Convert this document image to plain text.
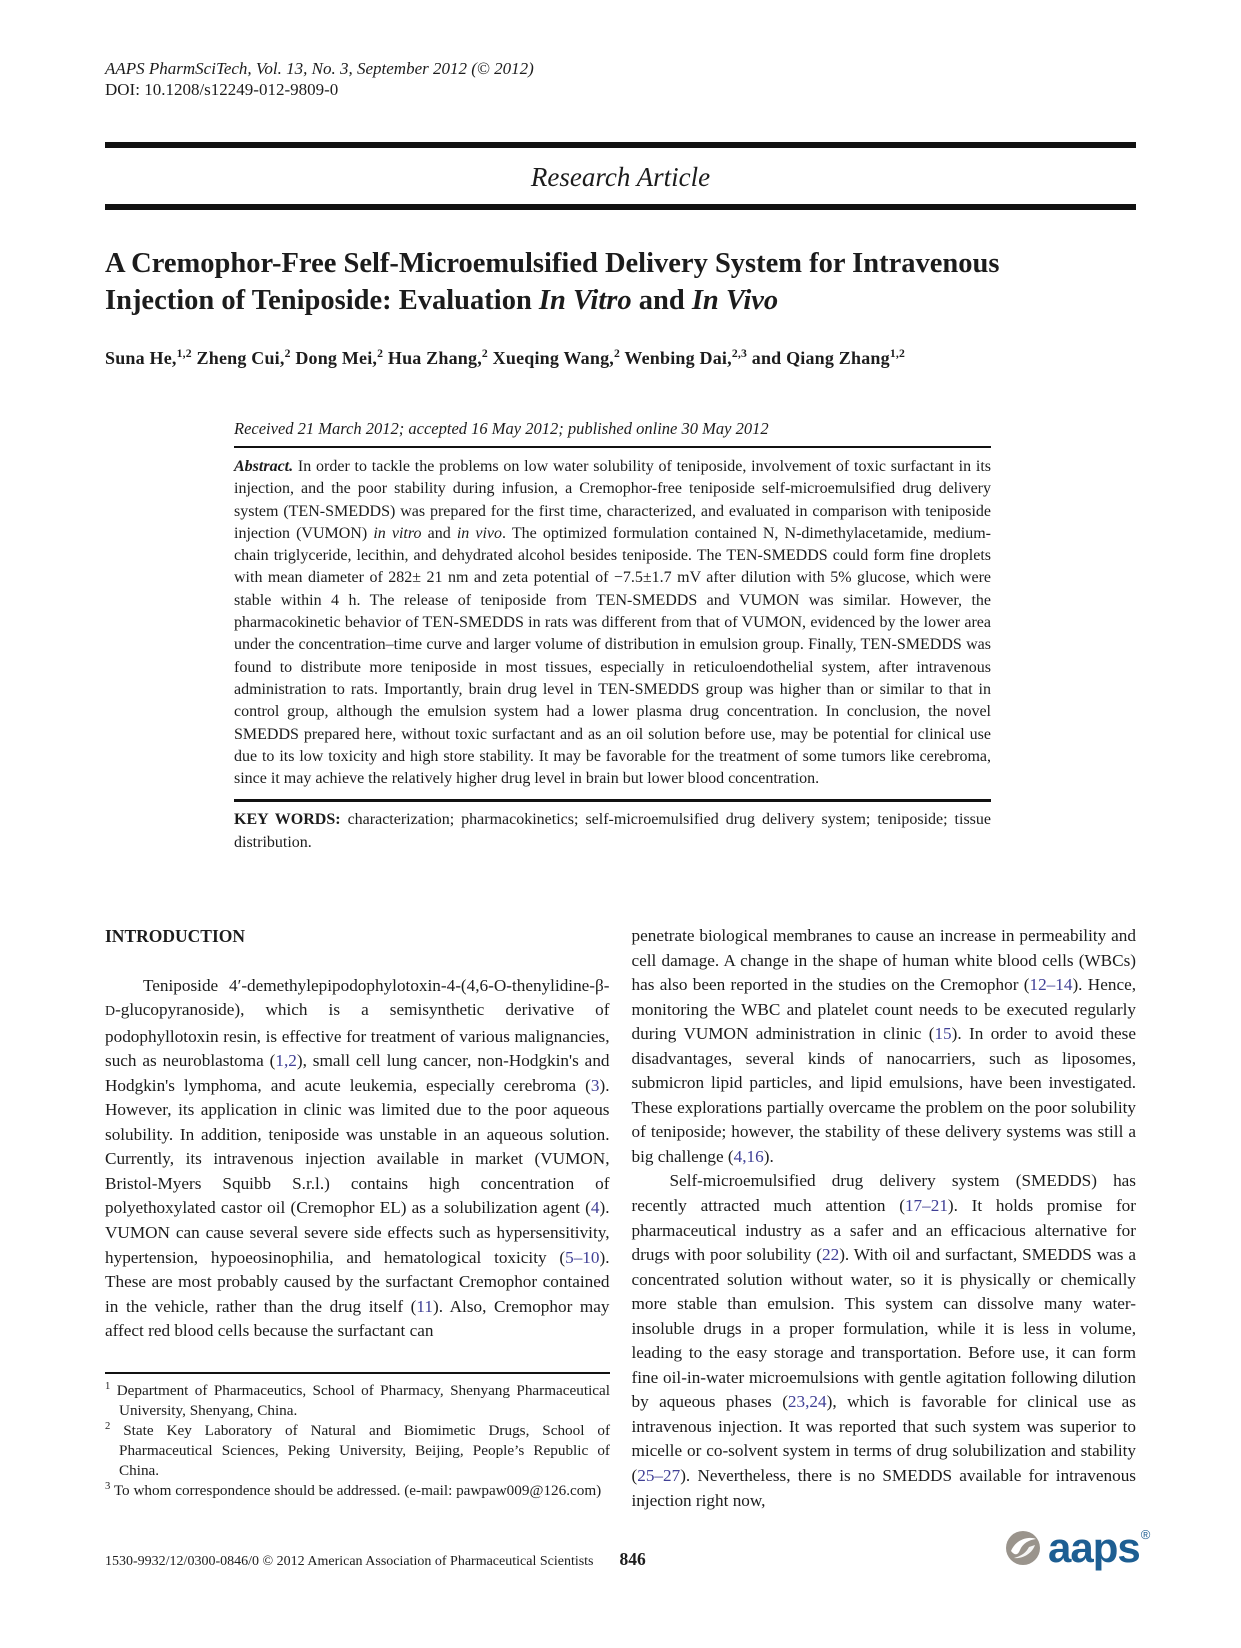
AAPS PharmSciTech, Vol. 13, No. 3, September 2012 (© 2012)
DOI: 10.1208/s12249-012-9809-0
Research Article
A Cremophor-Free Self-Microemulsified Delivery System for Intravenous Injection of Teniposide: Evaluation In Vitro and In Vivo
Suna He,$^{1,2}$ Zheng Cui,$^2$ Dong Mei,$^2$ Hua Zhang,$^2$ Xueqing Wang,$^2$ Wenbing Dai,$^{2,3}$ and Qiang Zhang$^{1,2}$
Received 21 March 2012; accepted 16 May 2012; published online 30 May 2012
Abstract. In order to tackle the problems on low water solubility of teniposide, involvement of toxic surfactant in its injection, and the poor stability during infusion, a Cremophor-free teniposide self-microemulsified drug delivery system (TEN-SMEDDS) was prepared for the first time, characterized, and evaluated in comparison with teniposide injection (VUMON) in vitro and in vivo. The optimized formulation contained N, N-dimethylacetamide, medium-chain triglyceride, lecithin, and dehydrated alcohol besides teniposide. The TEN-SMEDDS could form fine droplets with mean diameter of 282± 21 nm and zeta potential of −7.5±1.7 mV after dilution with 5% glucose, which were stable within 4 h. The release of teniposide from TEN-SMEDDS and VUMON was similar. However, the pharmacokinetic behavior of TEN-SMEDDS in rats was different from that of VUMON, evidenced by the lower area under the concentration–time curve and larger volume of distribution in emulsion group. Finally, TEN-SMEDDS was found to distribute more teniposide in most tissues, especially in reticuloendothelial system, after intravenous administration to rats. Importantly, brain drug level in TEN-SMEDDS group was higher than or similar to that in control group, although the emulsion system had a lower plasma drug concentration. In conclusion, the novel SMEDDS prepared here, without toxic surfactant and as an oil solution before use, may be potential for clinical use due to its low toxicity and high store stability. It may be favorable for the treatment of some tumors like cerebroma, since it may achieve the relatively higher drug level in brain but lower blood concentration.
KEY WORDS: characterization; pharmacokinetics; self-microemulsified drug delivery system; teniposide; tissue distribution.
INTRODUCTION

Teniposide 4′-demethylepipodophylotoxin-4-(4,6-O-thenylidine-β-D-glucopyranoside), which is a semisynthetic derivative of podophyllotoxin resin, is effective for treatment of various malignancies, such as neuroblastoma (1,2), small cell lung cancer, non-Hodgkin's and Hodgkin's lymphoma, and acute leukemia, especially cerebroma (3). However, its application in clinic was limited due to the poor aqueous solubility. In addition, teniposide was unstable in an aqueous solution. Currently, its intravenous injection available in market (VUMON, Bristol-Myers Squibb S.r.l.) contains high concentration of polyethoxylated castor oil (Cremophor EL) as a solubilization agent (4). VUMON can cause several severe side effects such as hypersensitivity, hypertension, hypoeosinophilia, and hematological toxicity (5–10). These are most probably caused by the surfactant Cremophor contained in the vehicle, rather than the drug itself (11). Also, Cremophor may affect red blood cells because the surfactant can

penetrate biological membranes to cause an increase in permeability and cell damage. A change in the shape of human white blood cells (WBCs) has also been reported in the studies on the Cremophor (12–14). Hence, monitoring the WBC and platelet count needs to be executed regularly during VUMON administration in clinic (15). In order to avoid these disadvantages, several kinds of nanocarriers, such as liposomes, submicron lipid particles, and lipid emulsions, have been investigated. These explorations partially overcame the problem on the poor solubility of teniposide; however, the stability of these delivery systems was still a big challenge (4,16).

Self-microemulsified drug delivery system (SMEDDS) has recently attracted much attention (17–21). It holds promise for pharmaceutical industry as a safer and an efficacious alternative for drugs with poor solubility (22). With oil and surfactant, SMEDDS was a concentrated solution without water, so it is physically or chemically more stable than emulsion. This system can dissolve many water-insoluble drugs in a proper formulation, while it is less in volume, leading to the easy storage and transportation. Before use, it can form fine oil-in-water microemulsions with gentle agitation following dilution by aqueous phases (23,24), which is favorable for clinical use as intravenous injection. It was reported that such system was superior to micelle or co-solvent system in terms of drug solubilization and stability (25–27). Nevertheless, there is no SMEDDS available for intravenous injection right now,

$^1$ Department of Pharmaceutics, School of Pharmacy, Shenyang Pharmaceutical University, Shenyang, China.
$^2$ State Key Laboratory of Natural and Biomimetic Drugs, School of Pharmaceutical Sciences, Peking University, Beijing, People’s Republic of China.
$^3$ To whom correspondence should be addressed. (e-mail: pawpaw009@126.com)
1530-9932/12/0300-0846/0 © 2012 American Association of Pharmaceutical Scientists 846	aaps ®
